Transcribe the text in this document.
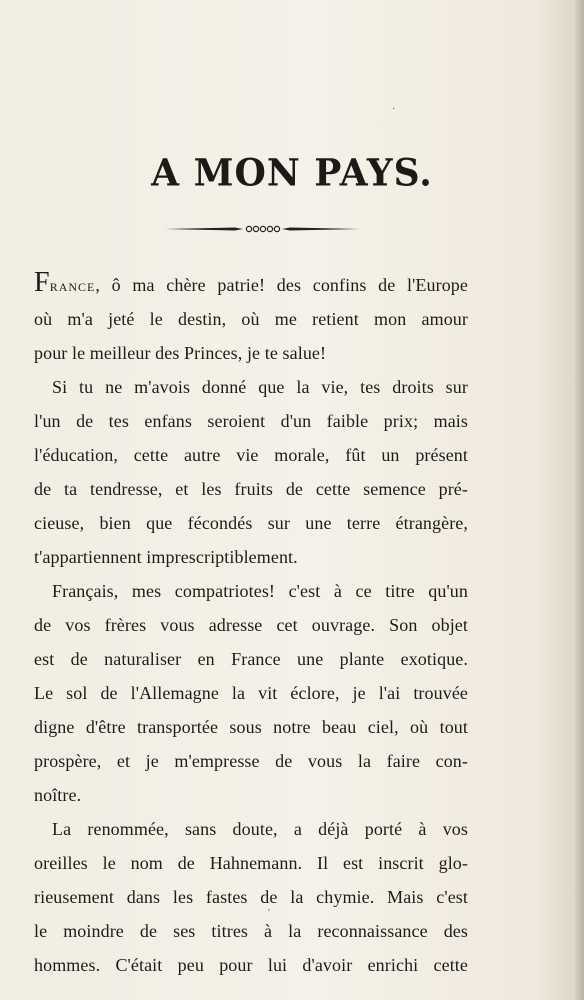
A MON PAYS.
FRANCE, ô ma chère patrie! des confins de l'Europe
où m'a jeté le destin, où me retient mon amour
pour le meilleur des Princes, je te salue!
Si tu ne m'avois donné que la vie, tes droits sur
l'un de tes enfans seroient d'un faible prix; mais
l'éducation, cette autre vie morale, fût un présent
de ta tendresse, et les fruits de cette semence pré-
cieuse, bien que fécondés sur une terre étrangère,
t'appartiennent imprescriptiblement.
Français, mes compatriotes! c'est à ce titre qu'un
de vos frères vous adresse cet ouvrage. Son objet
est de naturaliser en France une plante exotique.
Le sol de l'Allemagne la vit éclore, je l'ai trouvée
digne d'être transportée sous notre beau ciel, où tout
prospère, et je m'empresse de vous la faire con-
noître.
La renommée, sans doute, a déjà porté à vos
oreilles le nom de Hahnemann. Il est inscrit glo-
rieusement dans les fastes de la chymie. Mais c'est
le moindre de ses titres à la reconnaissance des
hommes. C'était peu pour lui d'avoir enrichi cette
·
'
